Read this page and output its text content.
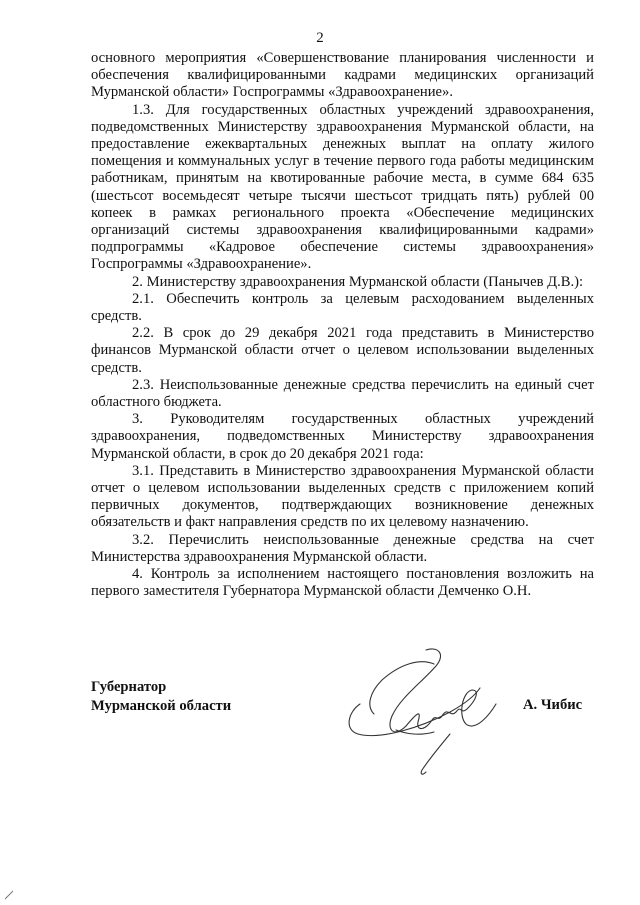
2

основного мероприятия «Совершенствование планирования численности и обеспечения квалифицированными кадрами медицинских организаций Мурманской области» Госпрограммы «Здравоохранение».

1.3. Для государственных областных учреждений здравоохранения, подведомственных Министерству здравоохранения Мурманской области, на предоставление ежеквартальных денежных выплат на оплату жилого помещения и коммунальных услуг в течение первого года работы медицинским работникам, принятым на квотированные рабочие места, в сумме 684 635 (шестьсот восемьдесят четыре тысячи шестьсот тридцать пять) рублей 00 копеек в рамках регионального проекта «Обеспечение медицинских организаций системы здравоохранения квалифицированными кадрами» подпрограммы «Кадровое обеспечение системы здравоохранения» Госпрограммы «Здравоохранение».

2. Министерству здравоохранения Мурманской области (Панычев Д.В.):

2.1. Обеспечить контроль за целевым расходованием выделенных средств.

2.2. В срок до 29 декабря 2021 года представить в Министерство финансов Мурманской области отчет о целевом использовании выделенных средств.

2.3. Неиспользованные денежные средства перечислить на единый счет областного бюджета.

3. Руководителям государственных областных учреждений здравоохранения, подведомственных Министерству здравоохранения Мурманской области, в срок до 20 декабря 2021 года:

3.1. Представить в Министерство здравоохранения Мурманской области отчет о целевом использовании выделенных средств с приложением копий первичных документов, подтверждающих возникновение денежных обязательств и факт направления средств по их целевому назначению.

3.2. Перечислить неиспользованные денежные средства на счет Министерства здравоохранения Мурманской области.

4. Контроль за исполнением настоящего постановления возложить на первого заместителя Губернатора Мурманской области Демченко О.Н.

Губернатор
Мурманской области	А. Чибис
